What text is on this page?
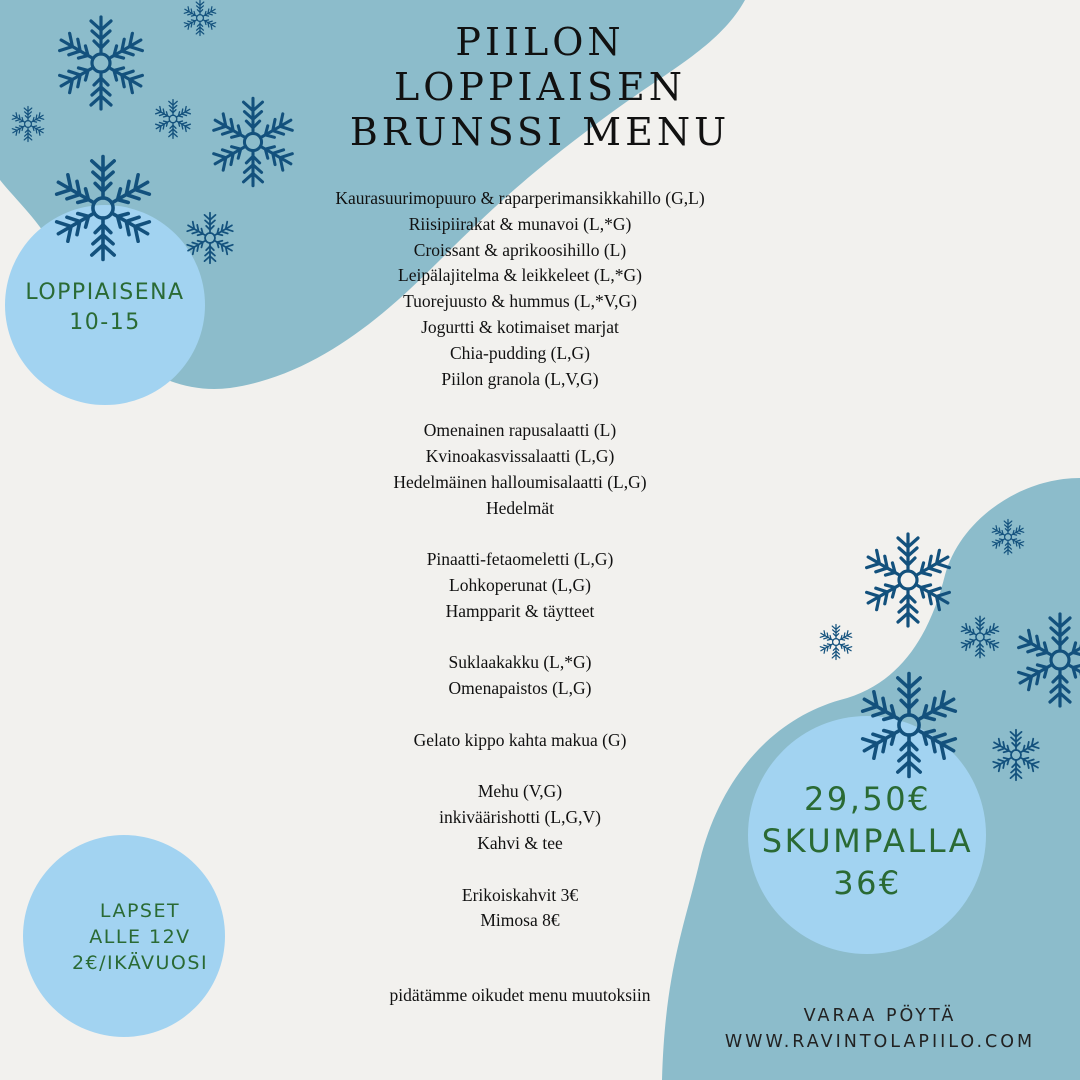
PIILON
LOPPIAISEN
BRUNSSI MENU
Kaurasuurimopuuro & raparperimansikkahillo (G,L)
Riisipiirakat & munavoi (L,*G)
Croissant & aprikoosihillo (L)
Leipälajitelma & leikkeleet (L,*G)
Tuorejuusto & hummus (L,*V,G)
Jogurtti & kotimaiset marjat
Chia-pudding (L,G)
Piilon granola (L,V,G)
Omenainen rapusalaatti (L)
Kvinoakasvissalaatti (L,G)
Hedelmäinen halloumisalaatti (L,G)
Hedelmät
Pinaatti-fetaomeletti (L,G)
Lohkoperunat (L,G)
Hampparit & täytteet
Suklaakakku (L,*G)
Omenapaistos (L,G)
Gelato kippo kahta makua (G)
Mehu (V,G)
inkiväärishotti (L,G,V)
Kahvi & tee
Erikoiskahvit 3€
Mimosa 8€
pidätämme oikudet menu muutoksiin
LOPPIAISENA
10-15
LAPSET
ALLE 12V
2€/IKÄVUOSI
29,50€
SKUMPALLA
36€
VARAA PÖYTÄ
WWW.RAVINTOLAPIILO.COM
